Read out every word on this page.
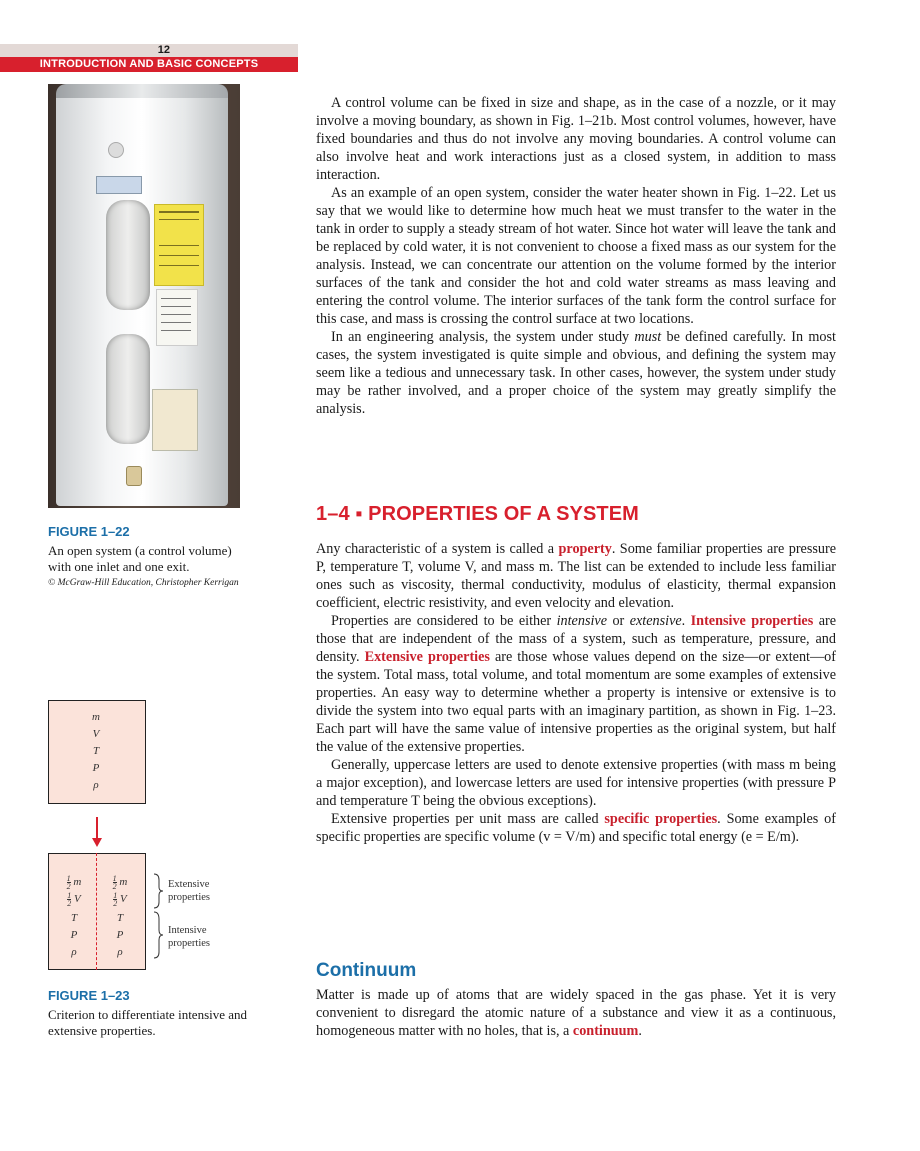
12
INTRODUCTION AND BASIC CONCEPTS
FIGURE 1–22
An open system (a control volume)
with one inlet and one exit.
© McGraw-Hill Education, Christopher Kerrigan
m
V
T
P
ρ
$\frac{1}{2}$ m
$\frac{1}{2}$ V
T
P
ρ
$\frac{1}{2}$ m
$\frac{1}{2}$ V
T
P
ρ
Extensive
properties
Intensive
properties
FIGURE 1–23
Criterion to differentiate intensive and
extensive properties.

A control volume can be fixed in size and shape, as in the case of a nozzle, or it may involve a moving boundary, as shown in Fig. 1–21b. Most control volumes, however, have fixed boundaries and thus do not involve any moving boundaries. A control volume can also involve heat and work interactions just as a closed system, in addition to mass interaction.

As an example of an open system, consider the water heater shown in Fig. 1–22. Let us say that we would like to determine how much heat we must transfer to the water in the tank in order to supply a steady stream of hot water. Since hot water will leave the tank and be replaced by cold water, it is not convenient to choose a fixed mass as our system for the analysis. Instead, we can concentrate our attention on the volume formed by the interior surfaces of the tank and consider the hot and cold water streams as mass leaving and entering the control volume. The interior surfaces of the tank form the control surface for this case, and mass is crossing the control surface at two locations.

In an engineering analysis, the system under study must be defined carefully. In most cases, the system investigated is quite simple and obvious, and defining the system may seem like a tedious and unnecessary task. In other cases, however, the system under study may be rather involved, and a proper choice of the system may greatly simplify the analysis.

1–4 ▪ PROPERTIES OF A SYSTEM

Any characteristic of a system is called a property. Some familiar properties are pressure P, temperature T, volume V, and mass m. The list can be extended to include less familiar ones such as viscosity, thermal conductivity, modulus of elasticity, thermal expansion coefficient, electric resistivity, and even velocity and elevation.

Properties are considered to be either intensive or extensive. Intensive properties are those that are independent of the mass of a system, such as temperature, pressure, and density. Extensive properties are those whose values depend on the size—or extent—of the system. Total mass, total volume, and total momentum are some examples of extensive properties. An easy way to determine whether a property is intensive or extensive is to divide the system into two equal parts with an imaginary partition, as shown in Fig. 1–23. Each part will have the same value of intensive properties as the original system, but half the value of the extensive properties.

Generally, uppercase letters are used to denote extensive properties (with mass m being a major exception), and lowercase letters are used for intensive properties (with pressure P and temperature T being the obvious exceptions).

Extensive properties per unit mass are called specific properties. Some examples of specific properties are specific volume (v = V/m) and specific total energy (e = E/m).

Continuum

Matter is made up of atoms that are widely spaced in the gas phase. Yet it is very convenient to disregard the atomic nature of a substance and view it as a continuous, homogeneous matter with no holes, that is, a continuum.
